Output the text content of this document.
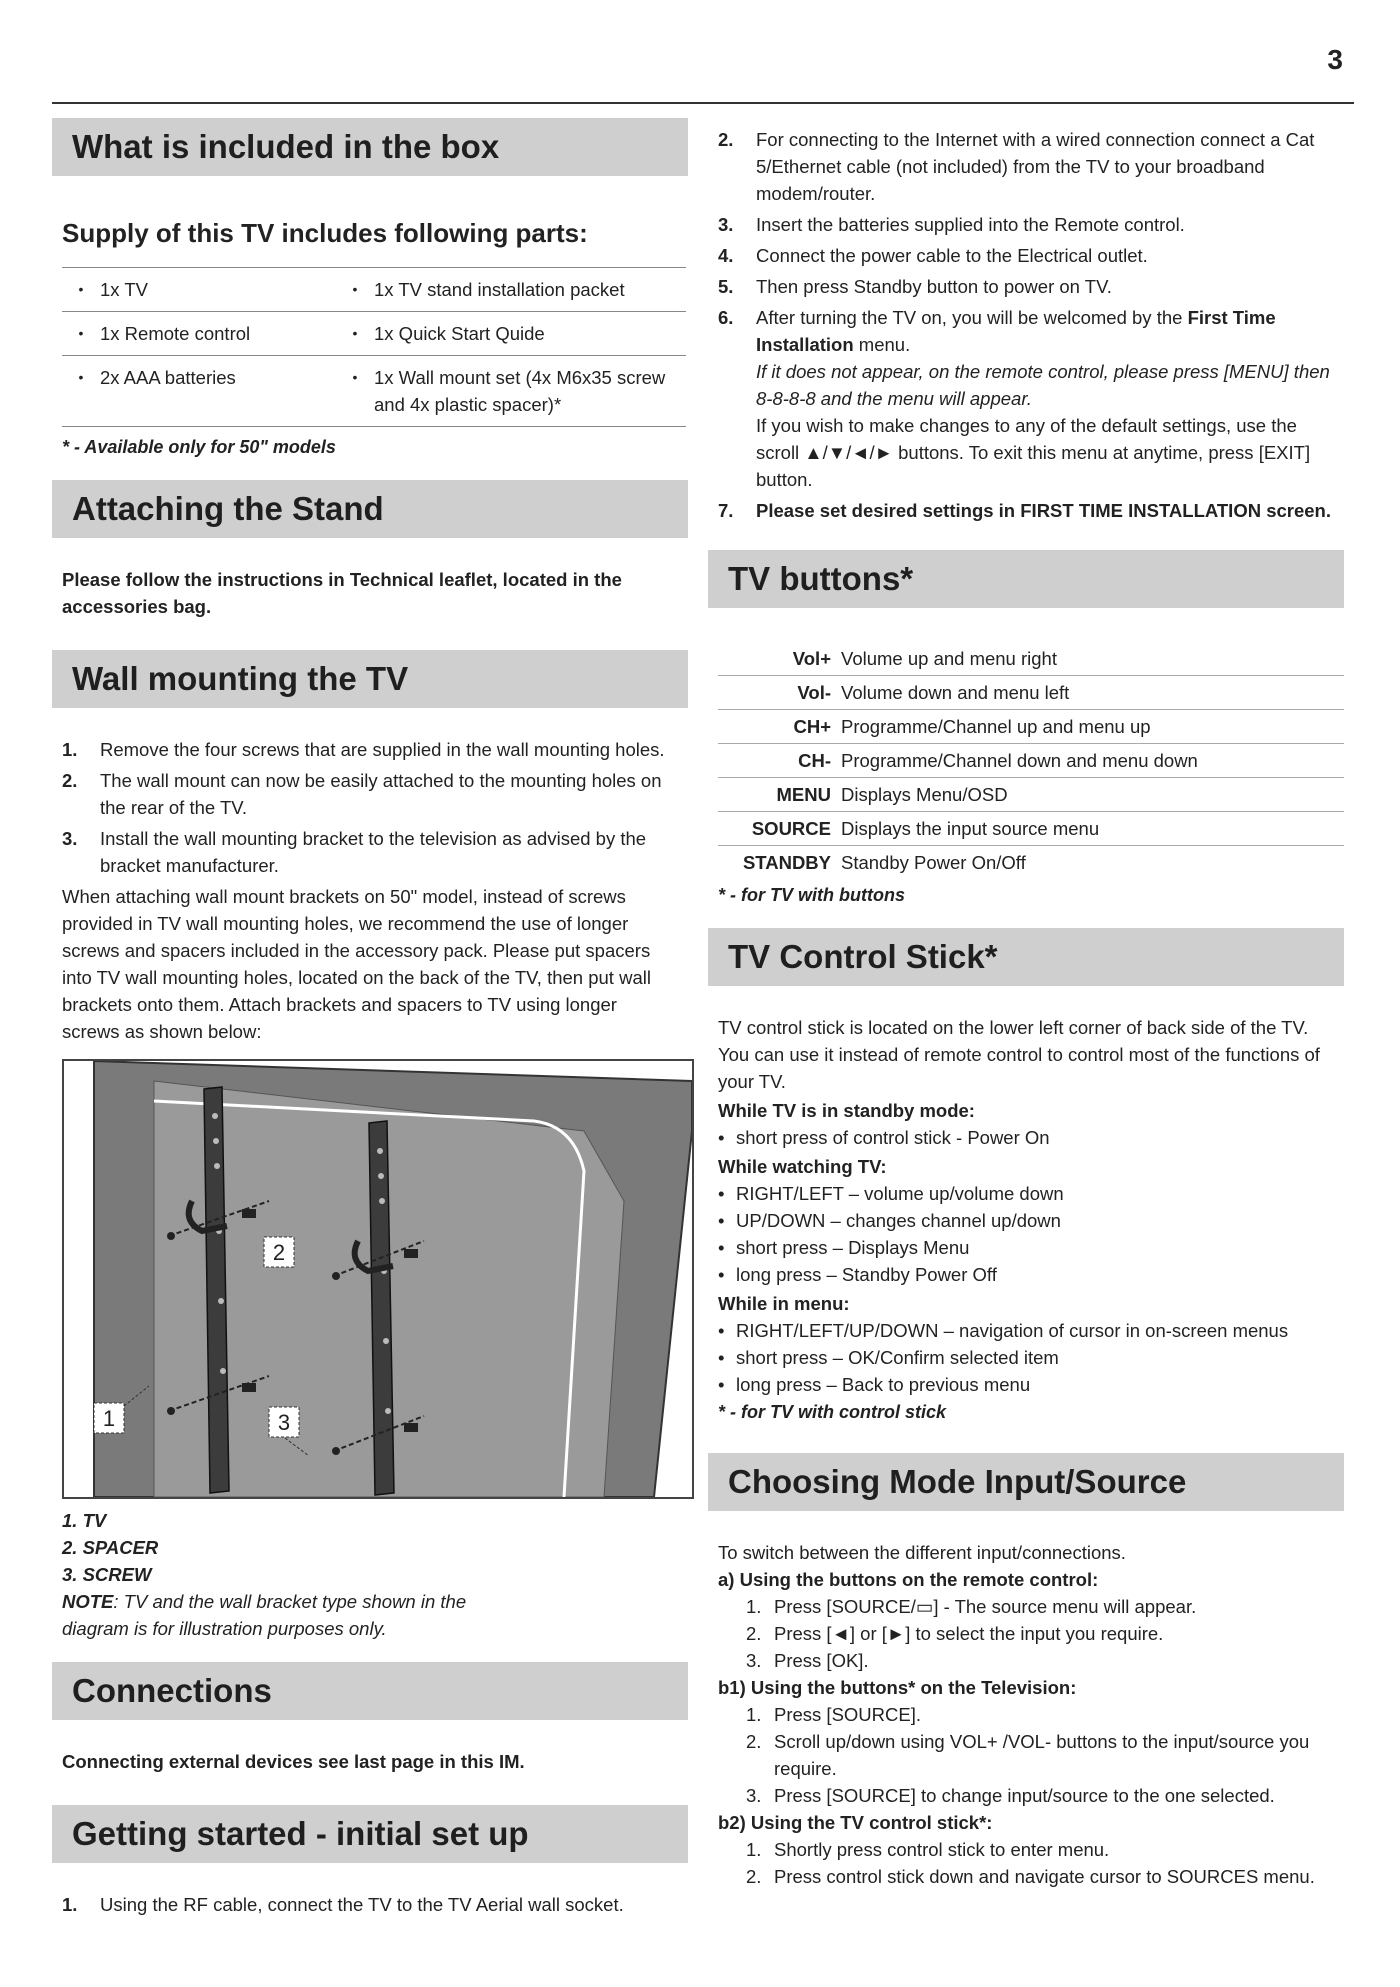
3
What is included in the box
Supply of this TV includes following parts:
•	1x TV	•	1x TV stand installation packet
•	1x Remote control	•	1x Quick Start Quide
•	2x AAA batteries	•	1x Wall mount set (4x M6x35 screw and 4x plastic spacer)*
* - Available only for 50" models
Attaching the Stand
Please follow the instructions in Technical leaflet, located in the accessories bag.
Wall mounting the TV
1.	Remove the four screws that are supplied in the wall mounting holes.
2.	The wall mount can now be easily attached to the mounting holes on the rear of the TV.
3.	Install the wall mounting bracket to the television as advised by the bracket manufacturer.
When attaching wall mount brackets on 50" model, instead of screws provided in TV wall mounting holes, we recommend the use of longer screws and spacers included in the accessory pack. Please put spacers into TV wall mounting holes, located on the back of the TV, then put wall brackets onto them. Attach brackets and spacers to TV using longer screws as shown below:
1
2
3
1. TV
2. SPACER
3. SCREW
NOTE: TV and the wall bracket type shown in the diagram is for illustration purposes only.
Connections
Connecting external devices see last page in this IM.
Getting started - initial set up
1.	Using the RF cable, connect the TV to the TV Aerial wall socket.
2.	For connecting to the Internet with a wired connection connect a Cat 5/Ethernet cable (not included) from the TV to your broadband modem/router.
3.	Insert the batteries supplied into the Remote control.
4.	Connect the power cable to the Electrical outlet.
5.	Then press Standby button to power on TV.
6.	After turning the TV on, you will be welcomed by the First Time Installation menu.
If it does not appear, on the remote control, please press [MENU] then 8-8-8-8 and the menu will appear.
If you wish to make changes to any of the default settings, use the scroll ▲/▼/◄/► buttons. To exit this menu at anytime, press [EXIT] button.
7.	Please set desired settings in FIRST TIME INSTALLATION screen.
TV buttons*
Vol+	Volume up and menu right
Vol-	Volume down and menu left
CH+	Programme/Channel up and menu up
CH-	Programme/Channel down and menu down
MENU	Displays Menu/OSD
SOURCE	Displays the input source menu
STANDBY	Standby Power On/Off
* - for TV with buttons
TV Control Stick*
TV control stick is located on the lower left corner of back side of the TV. You can use it instead of remote control to control most of the functions of your TV.
While TV is in standby mode:
• short press of control stick - Power On
While watching TV:
• RIGHT/LEFT – volume up/volume down
• UP/DOWN – changes channel up/down
• short press – Displays Menu
• long press – Standby Power Off
While in menu:
• RIGHT/LEFT/UP/DOWN – navigation of cursor in on-screen menus
• short press – OK/Confirm selected item
• long press – Back to previous menu
* - for TV with control stick
Choosing Mode Input/Source
To switch between the different input/connections.
a) Using the buttons on the remote control:
1. Press [SOURCE/▭] - The source menu will appear.
2. Press [◄] or [►] to select the input you require.
3. Press [OK].
b1) Using the buttons* on the Television:
1. Press [SOURCE].
2. Scroll up/down using VOL+ /VOL- buttons to the input/source you require.
3. Press [SOURCE] to change input/source to the one selected.
b2) Using the TV control stick*:
1. Shortly press control stick to enter menu.
2. Press control stick down and navigate cursor to SOURCES menu.
